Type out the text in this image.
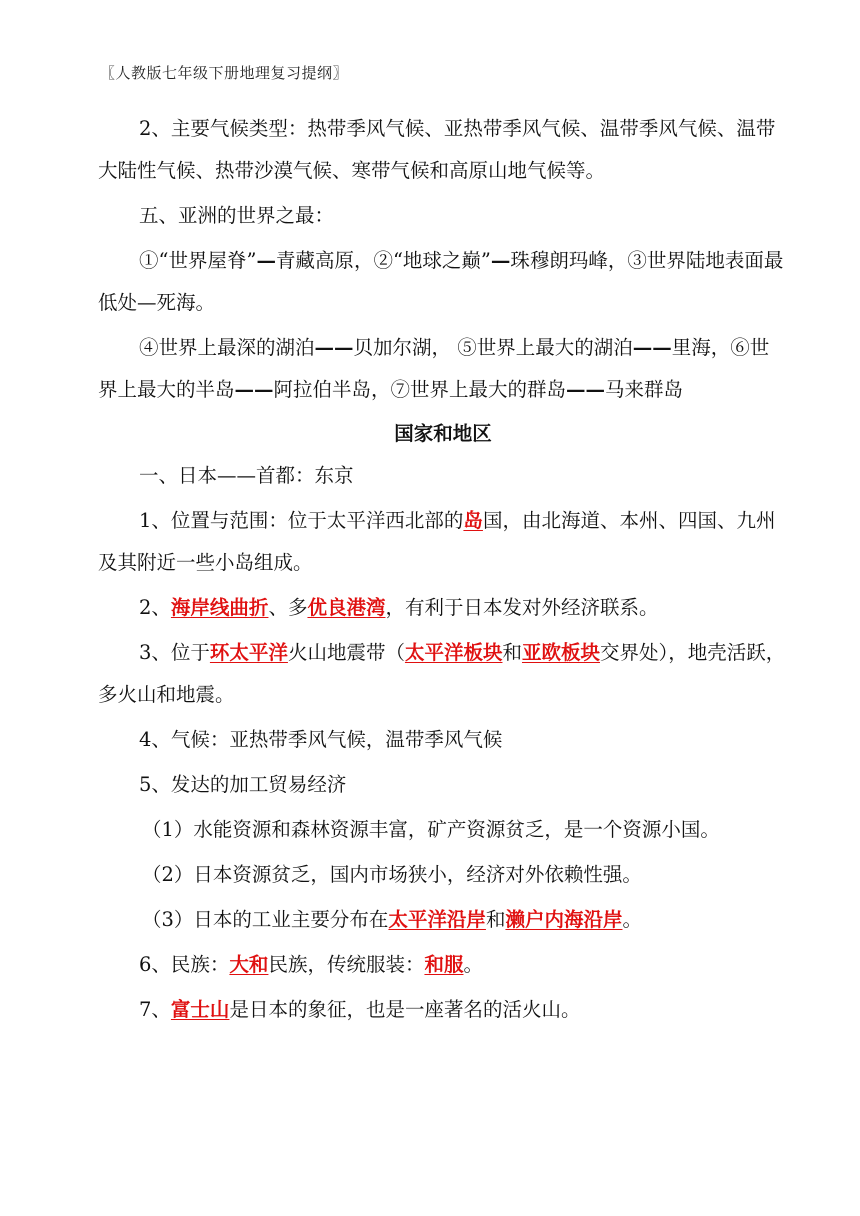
〖人教版七年级下册地理复习提纲〗

2、主要气候类型：热带季风气候、亚热带季风气候、温带季风气候、温带大陆性气候、热带沙漠气候、寒带气候和高原山地气候等。

五、亚洲的世界之最：

①“世界屋脊”—青藏高原，②“地球之巅”—珠穆朗玛峰，③世界陆地表面最低处—死海。

④世界上最深的湖泊——贝加尔湖， ⑤世界上最大的湖泊——里海，⑥世界上最大的半岛——阿拉伯半岛，⑦世界上最大的群岛——马来群岛

国家和地区

一、日本——首都：东京

1、位置与范围：位于太平洋西北部的岛国，由北海道、本州、四国、九州及其附近一些小岛组成。

2、海岸线曲折、多优良港湾，有利于日本发对外经济联系。

3、位于环太平洋火山地震带（太平洋板块和亚欧板块交界处），地壳活跃，多火山和地震。

4、气候：亚热带季风气候，温带季风气候

5、发达的加工贸易经济

（1）水能资源和森林资源丰富，矿产资源贫乏，是一个资源小国。

（2）日本资源贫乏，国内市场狭小，经济对外依赖性强。

（3）日本的工业主要分布在太平洋沿岸和濑户内海沿岸。

6、民族：大和民族，传统服装：和服。

7、富士山是日本的象征，也是一座著名的活火山。
